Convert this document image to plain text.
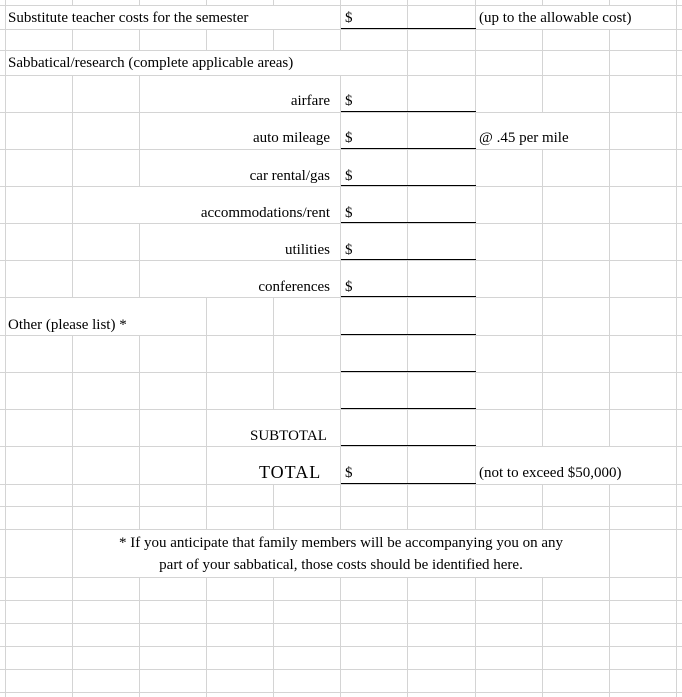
Substitute teacher costs for the semester	$	(up to the allowable cost)
Sabbatical/research (complete applicable areas)
airfare $
auto mileage $	@ .45 per mile
car rental/gas $
accommodations/rent $
utilities $
conferences $
Other (please list) *
SUBTOTAL
TOTAL $	(not to exceed $50,000)
* If you anticipate that family members will be accompanying you on any
part of your sabbatical, those costs should be identified here.
